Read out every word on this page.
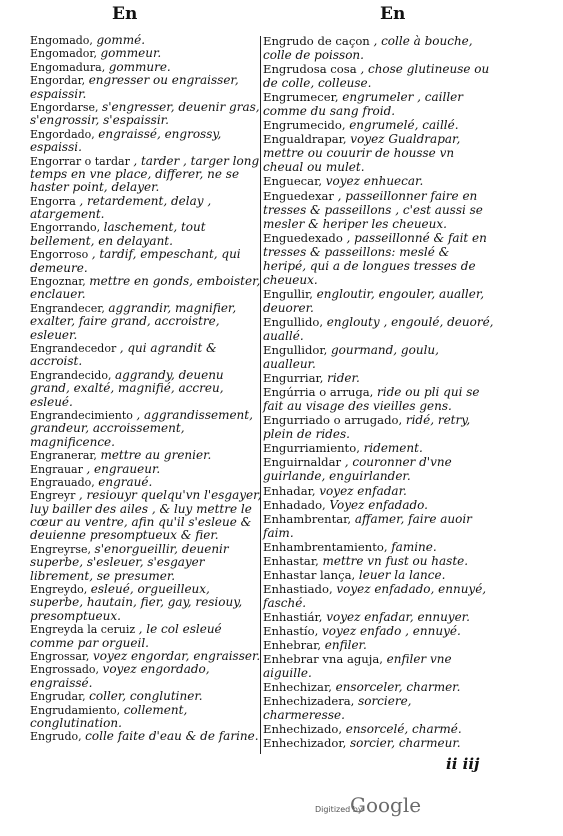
En	En
Engomado, gommé.
Engomador, gommeur.
Engomadura, gommure.
Engordar, engresser ou engraisser, espaissir.
Engordarse, s'engresser, deuenir gras, s'engrossir, s'espaissir.
Engordado, engraissé, engrossy, espaissi.
Engorrar o tardar , tarder , targer long temps en vne place, differer, ne se haster point, delayer.
Engorra , retardement, delay , atargement.
Engorrando, laschement, tout bellement, en delayant.
Engorroso , tardif, empeschant, qui demeure.
Engoznar, mettre en gonds, emboister, enclauer.
Engrandecer, aggrandir, magnifier, exalter, faire grand, accroistre, esleuer.
Engrandecedor , qui agrandit & accroist.
Engrandecido, aggrandy, deuenu grand, exalté, magnifié, accreu, esleué.
Engrandecimiento , aggrandissement, grandeur, accroissement, magnificence.
Engranerar, mettre au grenier.
Engrauar , engraueur.
Engrauado, engraué.
Engreyr , resiouyr quelqu'vn l'esgayer, luy bailler des ailes , & luy mettre le cœur au ventre, afin qu'il s'esleue & deuienne presomptueux & fier.
Engreyrse, s'enorgueillir, deuenir superbe, s'esleuer, s'esgayer librement, se presumer.
Engreydo, esleué, orgueilleux, superbe, hautain, fier, gay, resiouy, presomptueux.
Engreyda la ceruiz , le col esleué comme par orgueil.
Engrossar, voyez engordar, engraisser.
Engrossado, voyez engordado, engraissé.
Engrudar, coller, conglutiner.
Engrudamiento, collement, conglutination.
Engrudo, colle faite d'eau & de farine.
Engrudo de caçon , colle à bouche, colle de poisson.
Engrudosa cosa , chose glutineuse ou de colle, colleuse.
Engrumecer, engrumeler , cailler comme du sang froid.
Engrumecido, engrumelé, caillé.
Engualdrapar, voyez Gualdrapar, mettre ou couurir de housse vn cheual ou mulet.
Enguecar, voyez enhuecar.
Enguedexar , passeillonner faire en tresses & passeillons , c'est aussi se mesler & heriper les cheueux.
Enguedexado , passeillonné & fait en tresses & passeillons: meslé & heripé, qui a de longues tresses de cheueux.
Engullir, engloutir, engouler, aualler, deuorer.
Engullido, englouty , engoulé, deuoré, auallé.
Engullidor, gourmand, goulu, aualleur.
Engurriar, rider.
Engúrria o arruga, ride ou pli qui se fait au visage des vieilles gens.
Engurriado o arrugado, ridé, retry, plein de rides.
Engurriamiento, ridement.
Enguirnaldar , couronner d'vne guirlande, enguirlander.
Enhadar, voyez enfadar.
Enhadado, Voyez enfadado.
Enhambrentar, affamer, faire auoir faim.
Enhambrentamiento, famine.
Enhastar, mettre vn fust ou haste.
Enhastar lança, leuer la lance.
Enhastiado, voyez enfadado, ennuyé, fasché.
Enhastiár, voyez enfadar, ennuyer.
Enhastío, voyez enfado , ennuyé.
Enhebrar, enfiler.
Enhebrar vna aguja, enfiler vne aiguille.
Enhechizar, ensorceler, charmer.
Enhechizadera, sorciere, charmeresse.
Enhechizado, ensorcelé, charmé.
Enhechizador, sorcier, charmeur.
ii iij
Digitized by
Google
